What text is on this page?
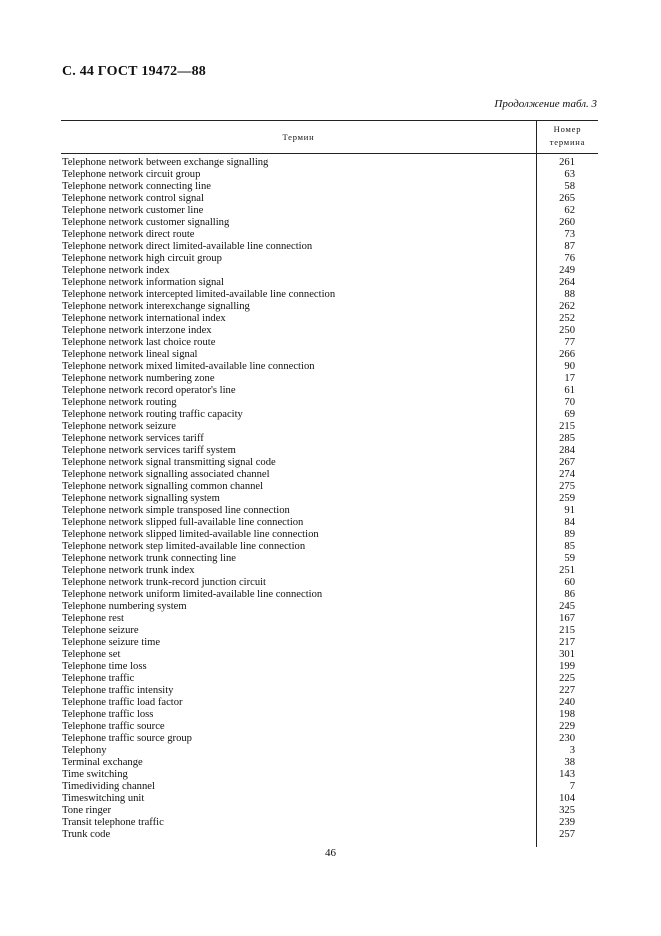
С. 44 ГОСТ 19472—88
Продолжение табл. 3
Термин
Номер
термина
Telephone network between exchange signalling	261
Telephone network circuit group	63
Telephone network connecting line	58
Telephone network control signal	265
Telephone network customer line	62
Telephone network customer signalling	260
Telephone network direct route	73
Telephone network direct limited-available line connection	87
Telephone network high circuit group	76
Telephone network index	249
Telephone network information signal	264
Telephone network intercepted limited-available line connection	88
Telephone network interexchange signalling	262
Telephone network international index	252
Telephone network interzone index	250
Telephone network last choice route	77
Telephone network lineal signal	266
Telephone network mixed limited-available line connection	90
Telephone network numbering zone	17
Telephone network record operator's line	61
Telephone network routing	70
Telephone network routing traffic capacity	69
Telephone network seizure	215
Telephone network services tariff	285
Telephone network services tariff system	284
Telephone network signal transmitting signal code	267
Telephone network signalling associated channel	274
Telephone network signalling common channel	275
Telephone network signalling system	259
Telephone network simple transposed line connection	91
Telephone network slipped full-available line connection	84
Telephone network slipped limited-available line connection	89
Telephone network step limited-available line connection	85
Telephone network trunk connecting line	59
Telephone network trunk index	251
Telephone network trunk-record junction circuit	60
Telephone network uniform limited-available line connection	86
Telephone numbering system	245
Telephone rest	167
Telephone seizure	215
Telephone seizure time	217
Telephone set	301
Telephone time loss	199
Telephone traffic	225
Telephone traffic intensity	227
Telephone traffic load factor	240
Telephone traffic loss	198
Telephone traffic source	229
Telephone traffic source group	230
Telephony	3
Terminal exchange	38
Time switching	143
Timedividing channel	7
Timeswitching unit	104
Tone ringer	325
Transit telephone traffic	239
Trunk code	257
46
